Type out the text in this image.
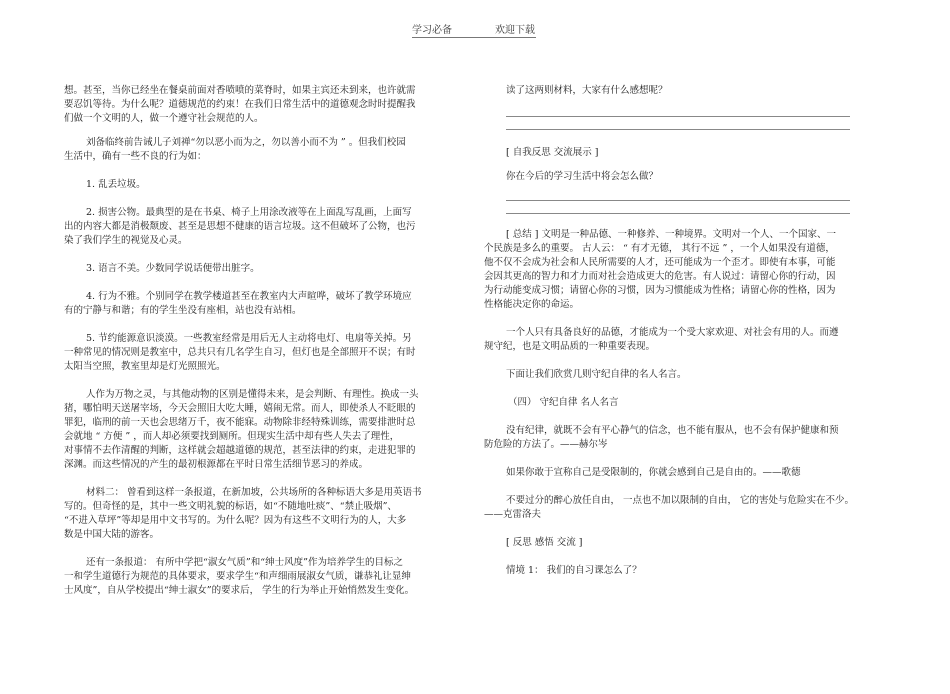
学习必备	欢迎下载

想。甚至，当你已经坐在餐桌前面对香喷喷的菜脊时，如果主宾还未到来，也许就需
要忍饥等待。为什么呢？道德规范的约束！在我们日常生活中的道德观念时时提醒我
们做一个文明的人，做一个遵守社会规范的人。

刘备临终前告诫儿子刘禅“勿以恶小而为之，勿以善小而不为 ” 。但我们校园
生活中，确有一些不良的行为如：

1. 乱丢垃圾。

2. 损害公物。最典型的是在书桌、椅子上用涂改液等在上面乱写乱画，上面写
出的内容大都是消极颓废、甚至是思想不健康的语言垃圾。这不但破坏了公物，也污
染了我们学生的视觉及心灵。

3. 语言不美。少数同学说话便带出脏字。

4. 行为不雅。个别同学在教学楼道甚至在教室内大声暄哗，破坏了教学环境应
有的宁静与和谐；有的学生坐没有座相，站也没有站相。

5. 节约能源意识淡漠。一些教室经常是用后无人主动将电灯、电扇等关掉。另
一种常见的情况则是教室中，总共只有几名学生自习，但灯也是全部照开不误；有时
太阳当空照，教室里却是灯光照照光。

人作为万物之灵，与其他动物的区别是懂得未来，是会判断、有理性。换成一头
猪，哪怕明天送屠宰场，今天会照旧大吃大睡，嬉闹无常。而人，即使杀人不眨眼的
罪犯，临刑的前一天也会思绪万千，夜不能寐。动物除非经特殊训练，需要排泄时总
会就地 “ 方便 ” ，而人却必须要找到厕所。但现实生活中却有些人失去了理性，
对事情不去作清醒的判断，这样就会超越道德的规范，甚至法律的约束，走进犯罪的
深渊。而这些情况的产生的最初根源都在平时日常生活细节恶习的养成。

材料二： 曾看到这样一条报道，在新加坡，公共场所的各种标语大多是用英语书
写的。但奇怪的是，其中一些文明礼貌的标语，如“不随地吐痰”、“禁止吸烟”、
“不进入草坪”等却是用中文书写的。为什么呢？因为有这些不文明行为的人，大多
数是中国大陆的游客。

还有一条报道： 有所中学把“淑女气质”和“绅士风度”作为培养学生的目标之
一和学生道德行为规范的具体要求，要求学生“和声细雨展淑女气质，谦恭礼让显绅
士风度”，自从学校提出“绅士淑女”的要求后， 学生的行为举止开始悄然发生变化。

读了这两则材料，大家有什么感想呢？

[ 自我反思 交流展示 ]

你在今后的学习生活中将会怎么做？

[ 总结 ] 文明是一种品德、一种修养、一种境界。文明对一个人、一个国家、一
个民族是多么的重要。 古人云： “ 有才无德， 其行不远 ” ，一个人如果没有道德，
他不仅不会成为社会和人民所需要的人才，还可能成为一个歪才。即使有本事，可能
会因其更高的智力和才力而对社会造成更大的危害。有人说过：请留心你的行动，因
为行动能变成习惯；请留心你的习惯，因为习惯能成为性格；请留心你的性格，因为
性格能决定你的命运。

一个人只有具备良好的品德，才能成为一个受大家欢迎、对社会有用的人。而遵
规守纪，也是文明品质的一种重要表现。

下面让我们欣赏几则守纪自律的名人名言。

（四） 守纪自律 名人名言

没有纪律，就既不会有平心静气的信念，也不能有服从，也不会有保护健康和预
防危险的方法了。——赫尔岑

如果你敢于宣称自己是受限制的，你就会感到自己是自由的。——歌德

不要过分的醉心放任自由， 一点也不加以限制的自由， 它的害处与危险实在不少。
——克雷洛夫

[ 反思 感悟 交流 ]

情境 1： 我们的自习课怎么了？
